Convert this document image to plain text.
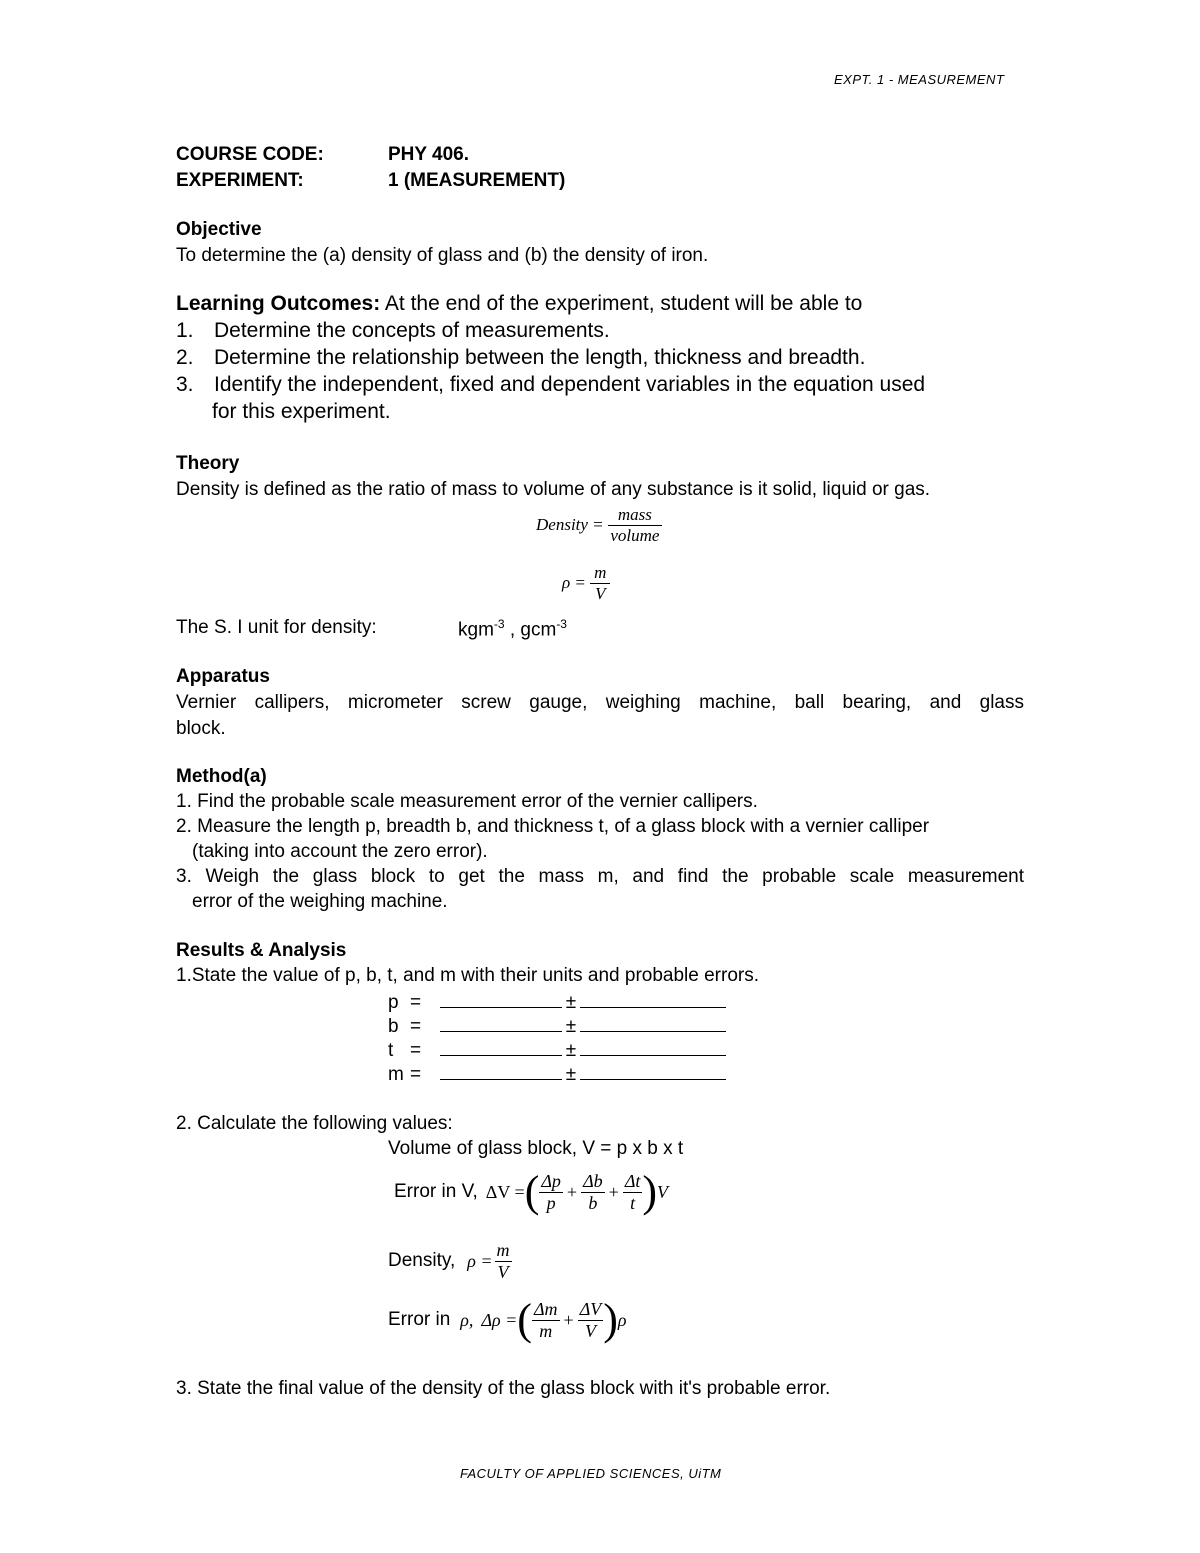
EXPT. 1 - MEASUREMENT
COURSE CODE:	PHY 406.
EXPERIMENT:	1 (MEASUREMENT)
Objective
To determine the (a) density of glass and (b) the density of iron.
Learning Outcomes: At the end of the experiment, student will be able to
1. Determine the concepts of measurements.
2. Determine the relationship between the length, thickness and breadth.
3. Identify the independent, fixed and dependent variables in the equation used
for this experiment.
Theory
Density is defined as the ratio of mass to volume of any substance is it solid, liquid or gas.
Density = $\frac{\text{mass}}{\text{volume}}$
$\rho = \frac{m}{V}$
The S. I unit for density:	kgm$^{-3}$ , gcm$^{-3}$
Apparatus
Vernier callipers, micrometer screw gauge, weighing machine, ball bearing, and glass
block.
Method(a)
1. Find the probable scale measurement error of the vernier callipers.
2. Measure the length p, breadth b, and thickness t, of a glass block with a vernier calliper
(taking into account the zero error).
3. Weigh the glass block to get the mass m, and find the probable scale measurement
error of the weighing machine.
Results & Analysis
1.State the value of p, b, t, and m with their units and probable errors.
p =	±
b =	±
t =	±
m =	±
2. Calculate the following values:
Volume of glass block, V = p x b x t
Error in V, ΔV = ( $\frac{\Delta p}{p} + \frac{\Delta b}{b} + \frac{\Delta t}{t}$ ) V
Density, $\rho = \frac{m}{V}$
Error in ρ, Δρ = ( $\frac{\Delta m}{m} + \frac{\Delta V}{V}$ ) ρ
3. State the final value of the density of the glass block with it's probable error.
FACULTY OF APPLIED SCIENCES, UiTM
